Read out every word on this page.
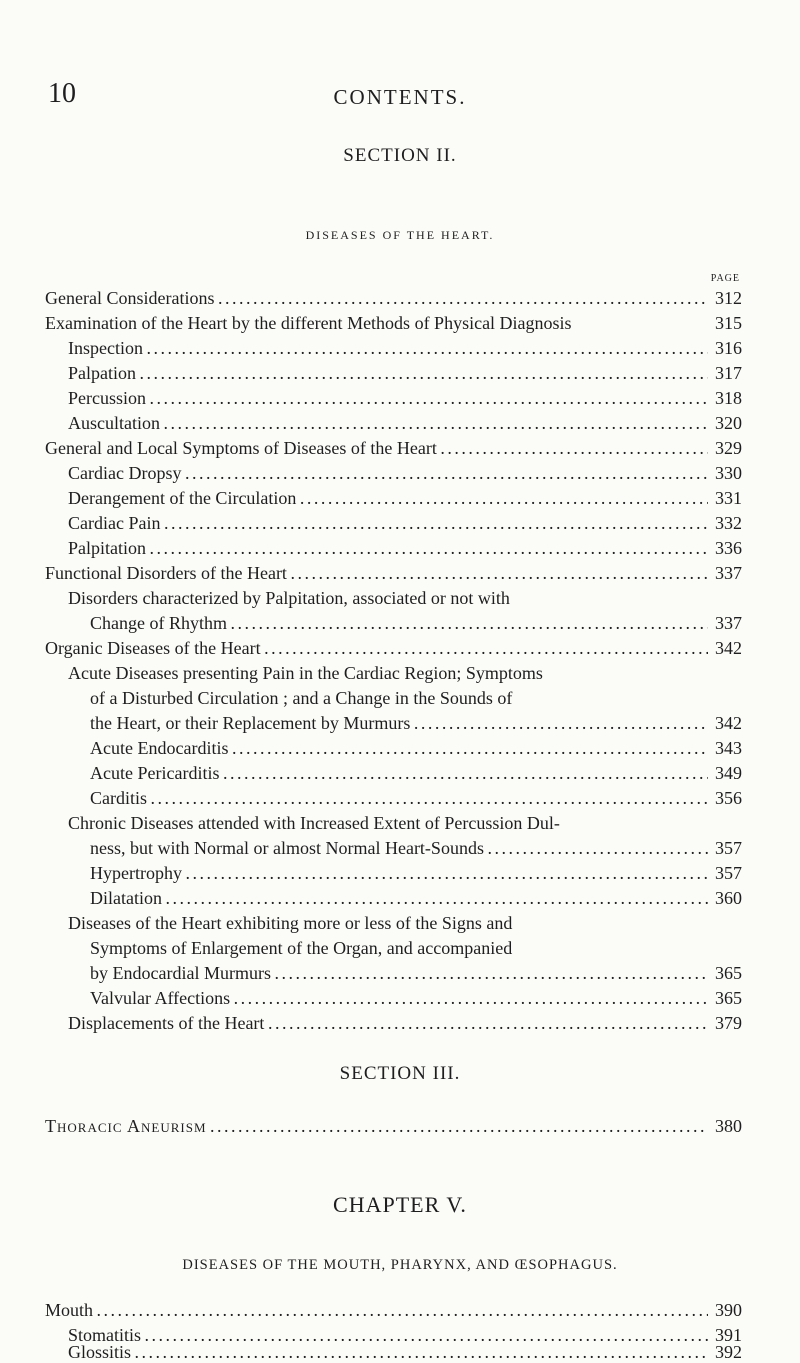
10	CONTENTS.
SECTION II.
DISEASES OF THE HEART.
PAGE
General Considerations . . .	312
Examination of the Heart by the different Methods of Physical Diagnosis	315
Inspection . . .	316
Palpation . . .	317
Percussion . . .	318
Auscultation . . .	320
General and Local Symptoms of Diseases of the Heart . . .	329
Cardiac Dropsy . . .	330
Derangement of the Circulation . . .	331
Cardiac Pain . . .	332
Palpitation . . .	336
Functional Disorders of the Heart . . .	337
Disorders characterized by Palpitation, associated or not with
Change of Rhythm . . .	337
Organic Diseases of the Heart . . .	342
Acute Diseases presenting Pain in the Cardiac Region; Symptoms
of a Disturbed Circulation ; and a Change in the Sounds of
the Heart, or their Replacement by Murmurs . . .	342
Acute Endocarditis . . .	343
Acute Pericarditis . . .	349
Carditis . . .	356
Chronic Diseases attended with Increased Extent of Percussion Dul-
ness, but with Normal or almost Normal Heart-Sounds . . .	357
Hypertrophy . . .	357
Dilatation . . .	360
Diseases of the Heart exhibiting more or less of the Signs and
Symptoms of Enlargement of the Organ, and accompanied
by Endocardial Murmurs . . .	365
Valvular Affections . . .	365
Displacements of the Heart . . .	379
SECTION III.
Thoracic Aneurism . . .	380
CHAPTER V.
DISEASES OF THE MOUTH, PHARYNX, AND ŒSOPHAGUS.
Mouth . . .	390
Stomatitis . . .	391
Glossitis . . .	392
